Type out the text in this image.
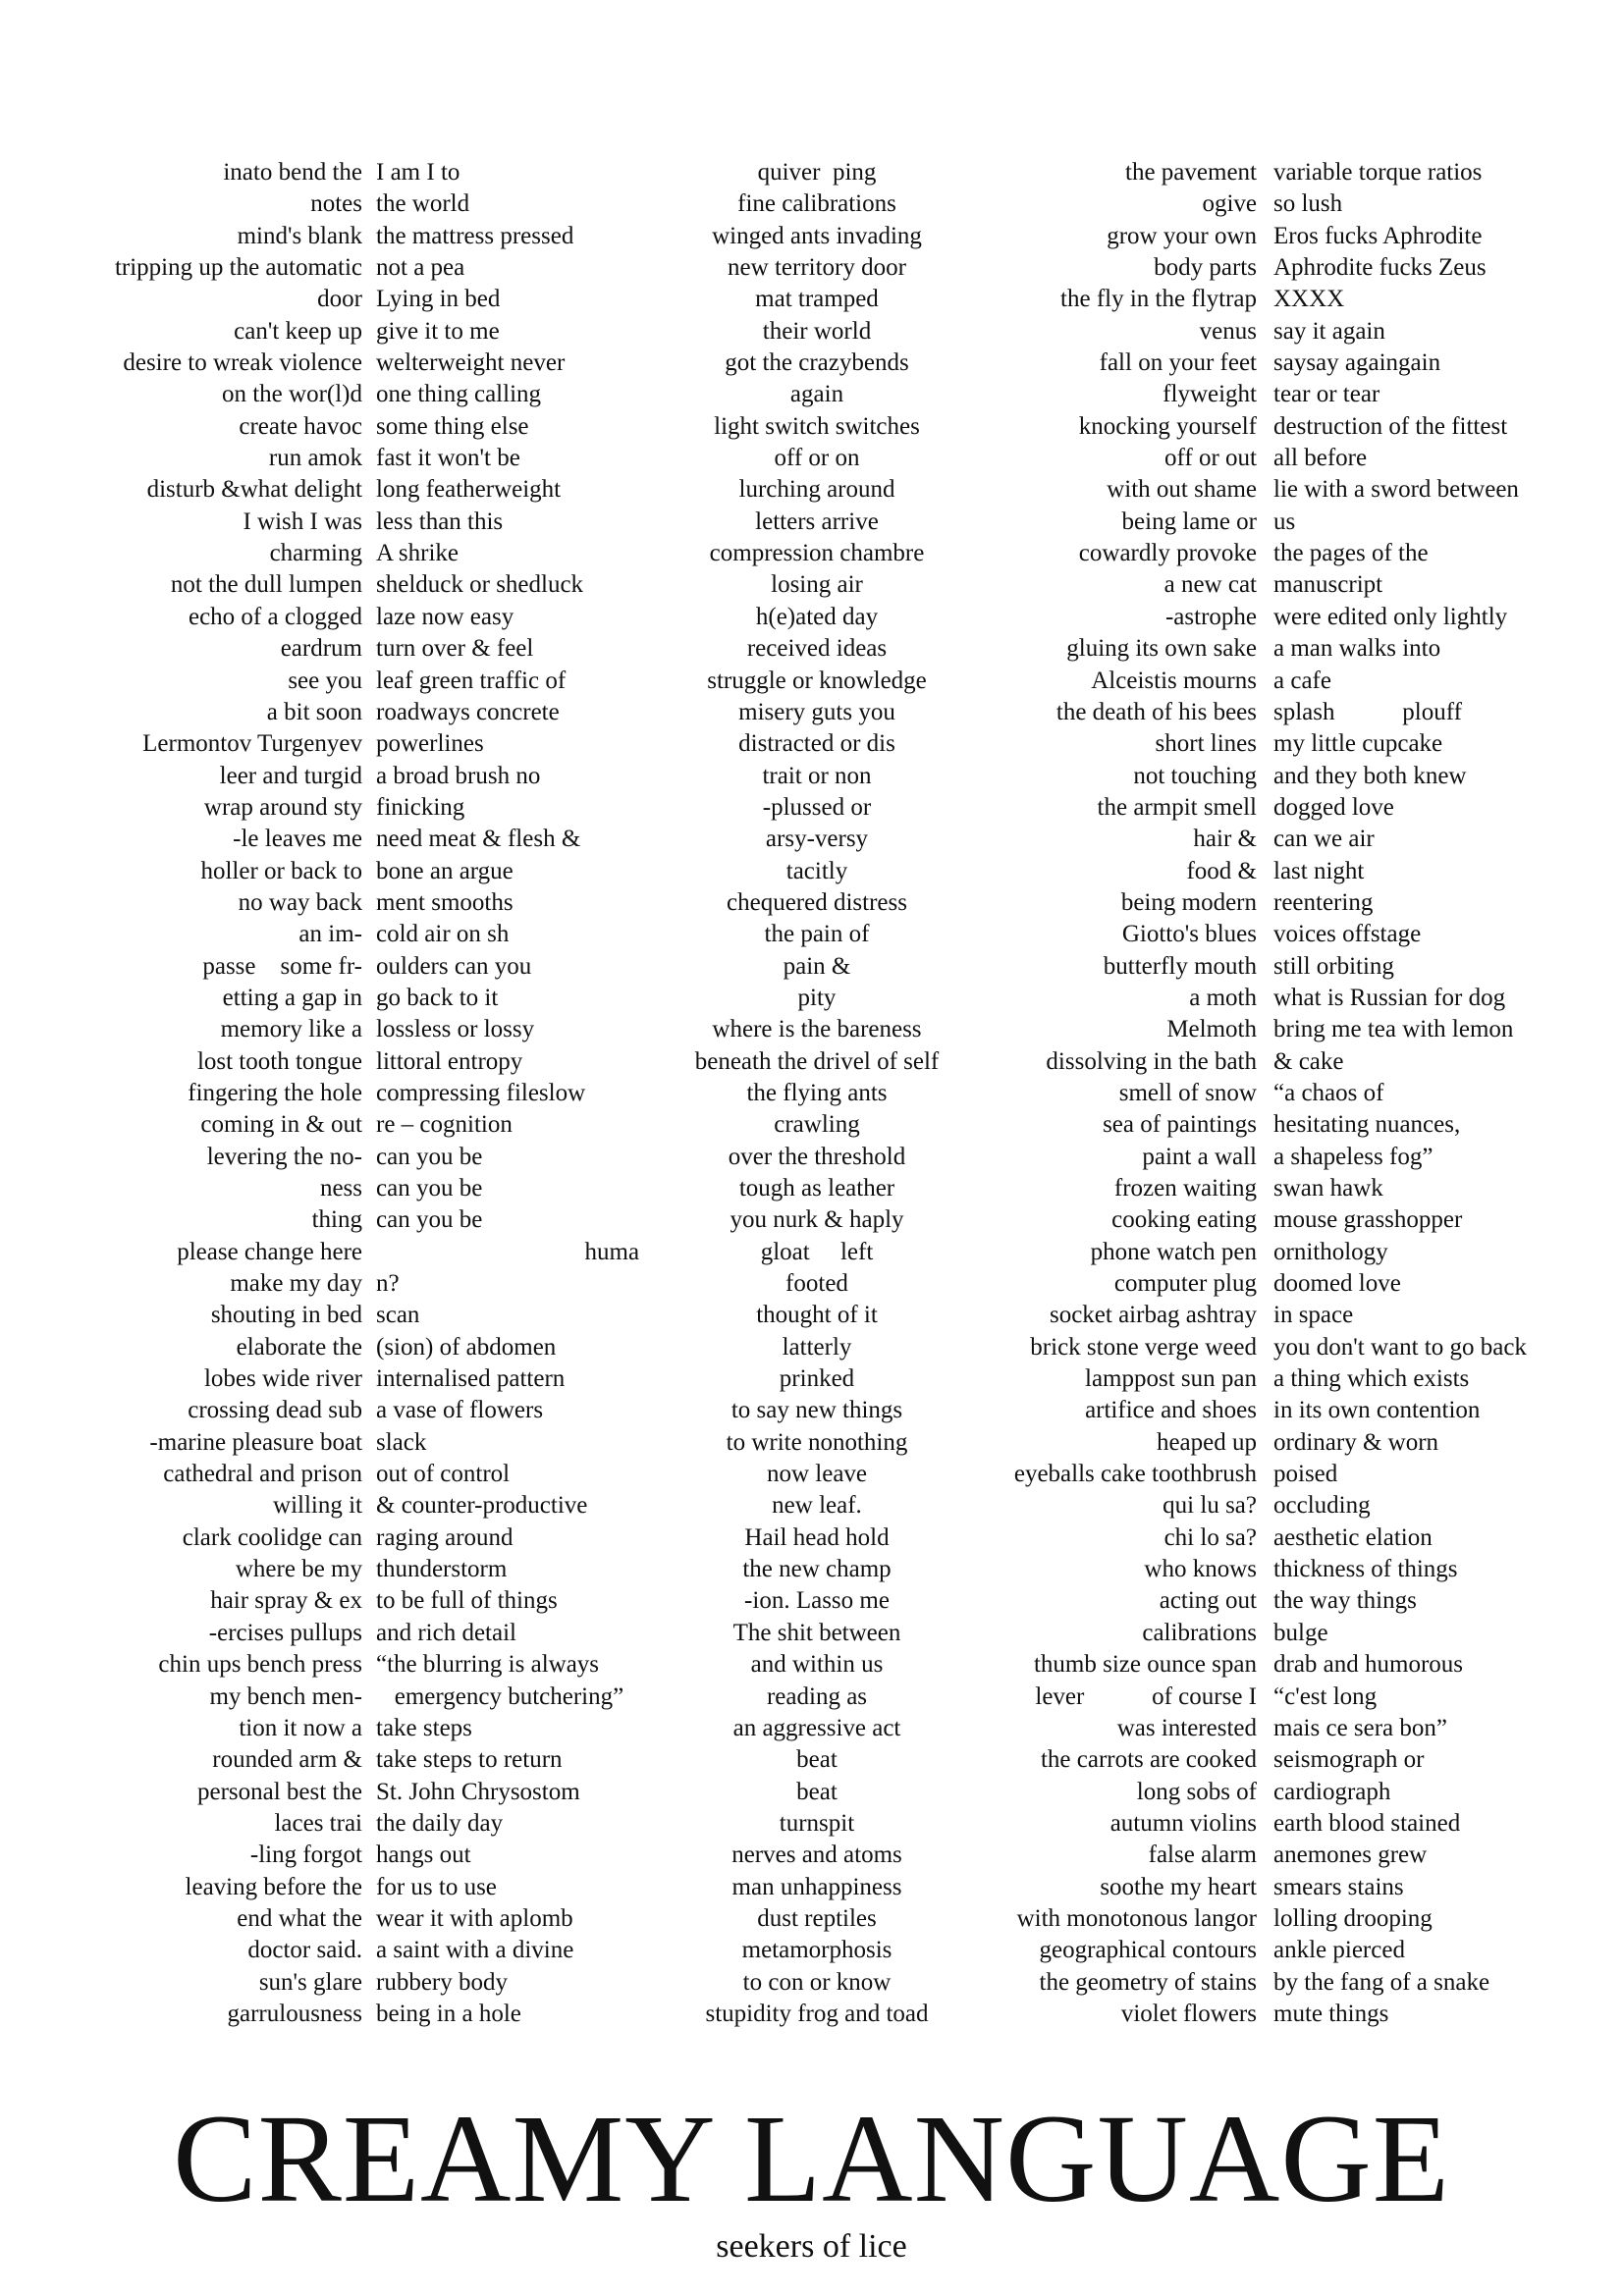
inato bend the
notes
mind's blank
tripping up the automatic
door
can't keep up
desire to wreak violence
on the wor(l)d
create havoc
run amok
disturb &what delight
I wish I was
charming
not the dull lumpen
echo of a clogged
eardrum
see you
a bit soon
Lermontov Turgenyev
leer and turgid
wrap around sty
-le leaves me
holler or back to
no way back
an im-
passe    some fr-
etting a gap in
memory like a
lost tooth tongue
fingering the hole
coming in & out
levering the no-
ness
thing
please change here
make my day
shouting in bed
elaborate the
lobes wide river
crossing dead sub
-marine pleasure boat
cathedral and prison
willing it
clark coolidge can
where be my
hair spray & ex
-ercises pullups
chin ups bench press
my bench men-
tion it now a
rounded arm &
personal best the
laces trai
-ling forgot
leaving before the
end what the
doctor said.
sun's glare
garrulousness
I am I to
the world
the mattress pressed
not a pea
Lying in bed
give it to me
welterweight never
one thing calling
some thing else
fast it won't be
long featherweight
less than this
A shrike
shelduck or shedluck
laze now easy
turn over & feel
leaf green traffic of
roadways concrete
powerlines
a broad brush no
finicking
need meat & flesh &
bone an argue
ment smooths
cold air on sh
oulders can you
go back to it
lossless or lossy
littoral entropy
compressing fileslow
re – cognition
can you be
can you be
can you be
huma
n?
scan
(sion) of abdomen
internalised pattern
a vase of flowers
slack
out of control
& counter-productive
raging around
thunderstorm
to be full of things
and rich detail
“the blurring is always
emergency butchering”
take steps
take steps to return
St. John Chrysostom
the daily day
hangs out
for us to use
wear it with aplomb
a saint with a divine
rubbery body
being in a hole
quiver  ping
fine calibrations
winged ants invading
new territory door
mat tramped
their world
got the crazybends
again
light switch switches
off or on
lurching around
letters arrive
compression chambre
losing air
h(e)ated day
received ideas
struggle or knowledge
misery guts you
distracted or dis
trait or non
-plussed or
arsy-versy
tacitly
chequered distress
the pain of
pain &
pity
where is the bareness
beneath the drivel of self
the flying ants
crawling
over the threshold
tough as leather
you nurk & haply
gloat     left
footed
thought of it
latterly
prinked
to say new things
to write nonothing
now leave
new leaf.
Hail head hold
the new champ
-ion. Lasso me
The shit between
and within us
reading as
an aggressive act
beat
beat
turnspit
nerves and atoms
man unhappiness
dust reptiles
metamorphosis
to con or know
stupidity frog and toad
the pavement
ogive
grow your own
body parts
the fly in the flytrap
venus
fall on your feet
flyweight
knocking yourself
off or out
with out shame
being lame or
cowardly provoke
a new cat
-astrophe
gluing its own sake
Alceistis mourns
the death of his bees
short lines
not touching
the armpit smell
hair &
food &
being modern
Giotto's blues
butterfly mouth
a moth
Melmoth
dissolving in the bath
smell of snow
sea of paintings
paint a wall
frozen waiting
cooking eating
phone watch pen
computer plug
socket airbag ashtray
brick stone verge weed
lamppost sun pan
artifice and shoes
heaped up
eyeballs cake toothbrush
qui lu sa?
chi lo sa?
who knows
acting out
calibrations
thumb size ounce span
lever           of course I
was interested
the carrots are cooked
long sobs of
autumn violins
false alarm
soothe my heart
with monotonous langor
geographical contours
the geometry of stains
violet flowers
variable torque ratios
so lush
Eros fucks Aphrodite
Aphrodite fucks Zeus
XXXX
say it again
saysay againgain
tear or tear
destruction of the fittest
all before
lie with a sword between
us
the pages of the
manuscript
were edited only lightly
a man walks into
a cafe
splash           plouff
my little cupcake
and they both knew
dogged love
can we air
last night
reentering
voices offstage
still orbiting
what is Russian for dog
bring me tea with lemon
& cake
“a chaos of
hesitating nuances,
a shapeless fog”
swan hawk
mouse grasshopper
ornithology
doomed love
in space
you don't want to go back
a thing which exists
in its own contention
ordinary & worn
poised
occluding
aesthetic elation
thickness of things
the way things
bulge
drab and humorous
“c'est long
mais ce sera bon”
seismograph or
cardiograph
earth blood stained
anemones grew
smears stains
lolling drooping
ankle pierced
by the fang of a snake
mute things
CREAMY LANGUAGE
seekers of lice
